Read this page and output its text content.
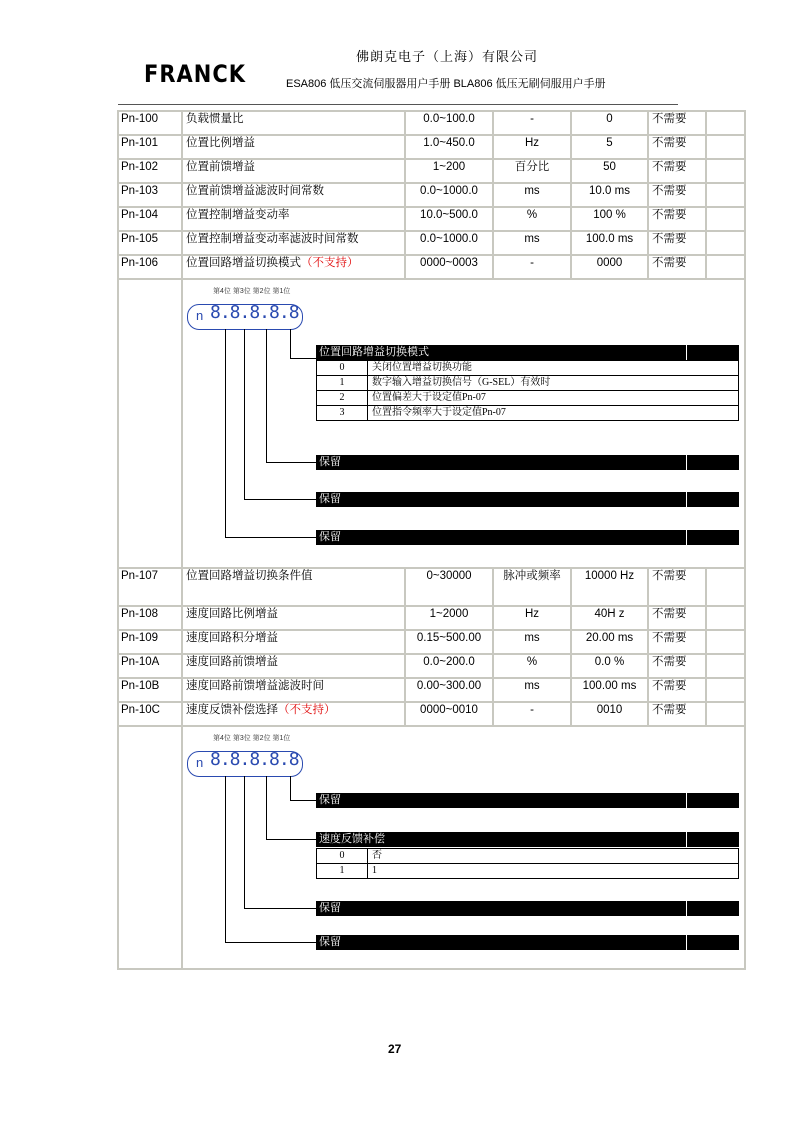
FRANCK
佛朗克电子（上海）有限公司
ESA806 低压交流伺服器用户手册 BLA806 低压无刷伺服用户手册
Pn-100	负载惯量比	0.0~100.0	-	0	不需要	
Pn-101	位置比例增益	1.0~450.0	Hz	5	不需要	
Pn-102	位置前馈增益	1~200	百分比	50	不需要	
Pn-103	位置前馈增益滤波时间常数	0.0~1000.0	ms	10.0 ms	不需要	
Pn-104	位置控制增益变动率	10.0~500.0	%	100 %	不需要	
Pn-105	位置控制增益变动率滤波时间常数	0.0~1000.0	ms	100.0 ms	不需要	
Pn-106	位置回路增益切换模式（不支持）	0000~0003	-	0000	不需要	

第4位 第3位 第2位 第1位
n 8.8.8.8.8
位置回路增益切换模式
0	关闭位置增益切换功能
1	数字输入增益切换信号（G-SEL）有效时
2	位置偏差大于设定值Pn-07
3	位置指令频率大于设定值Pn-07
保留
保留
保留

Pn-107	位置回路增益切换条件值	0~30000	脉冲或频率	10000 Hz	不需要	
Pn-108	速度回路比例增益	1~2000	Hz	40H z	不需要	
Pn-109	速度回路积分增益	0.15~500.00	ms	20.00 ms	不需要	
Pn-10A	速度回路前馈增益	0.0~200.0	%	0.0 %	不需要	
Pn-10B	速度回路前馈增益滤波时间	0.00~300.00	ms	100.00 ms	不需要	
Pn-10C	速度反馈补偿选择（不支持）	0000~0010	-	0010	不需要	

第4位 第3位 第2位 第1位
n 8.8.8.8.8
保留
速度反馈补偿
0	否
1	1
保留
保留
27
